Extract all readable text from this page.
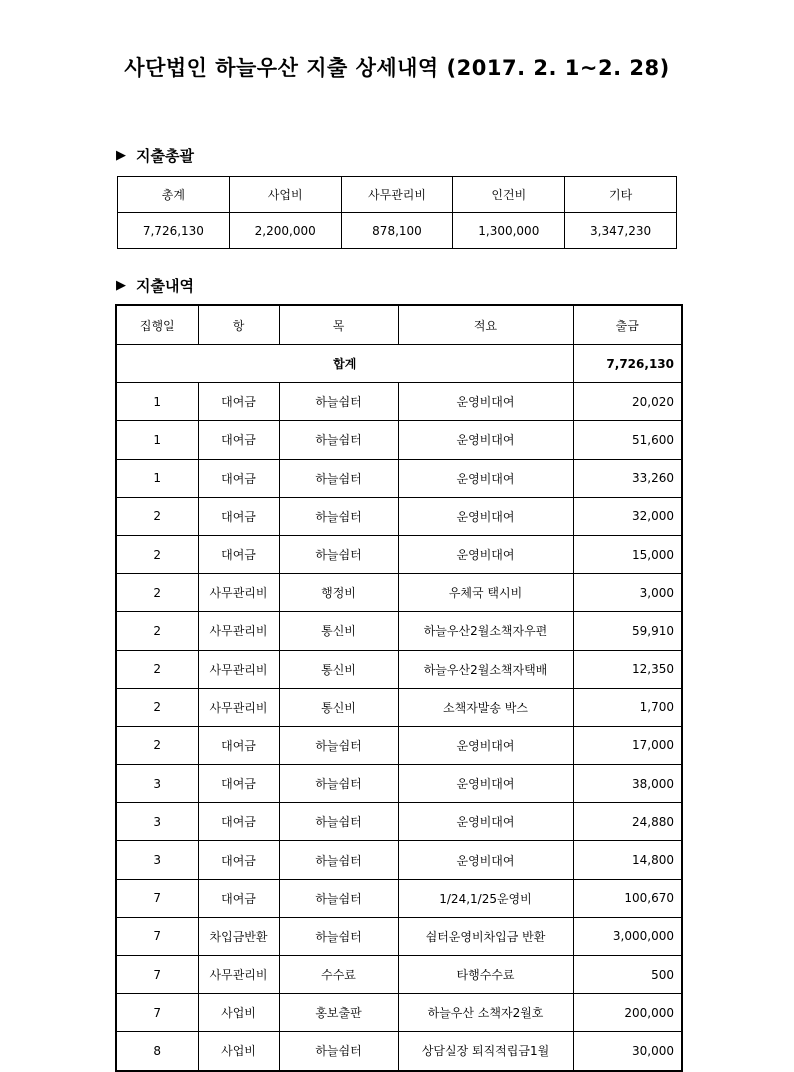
사단법인 하늘우산 지출 상세내역 (2017. 2. 1~2. 28)
▶ 지출총괄
총계	사업비	사무관리비	인건비	기타
7,726,130	2,200,000	878,100	1,300,000	3,347,230
▶ 지출내역
집행일	항	목	적요	출금
합계				7,726,130
1	대여금	하늘쉼터	운영비대여	20,020
1	대여금	하늘쉼터	운영비대여	51,600
1	대여금	하늘쉼터	운영비대여	33,260
2	대여금	하늘쉼터	운영비대여	32,000
2	대여금	하늘쉼터	운영비대여	15,000
2	사무관리비	행정비	우체국 택시비	3,000
2	사무관리비	통신비	하늘우산2월소책자우편	59,910
2	사무관리비	통신비	하늘우산2월소책자택배	12,350
2	사무관리비	통신비	소책자발송 박스	1,700
2	대여금	하늘쉼터	운영비대여	17,000
3	대여금	하늘쉼터	운영비대여	38,000
3	대여금	하늘쉼터	운영비대여	24,880
3	대여금	하늘쉼터	운영비대여	14,800
7	대여금	하늘쉼터	1/24,1/25운영비	100,670
7	차입금반환	하늘쉼터	쉼터운영비차입금 반환	3,000,000
7	사무관리비	수수료	타행수수료	500
7	사업비	홍보출판	하늘우산 소책자2월호	200,000
8	사업비	하늘쉼터	상담실장 퇴직적립금1월	30,000
